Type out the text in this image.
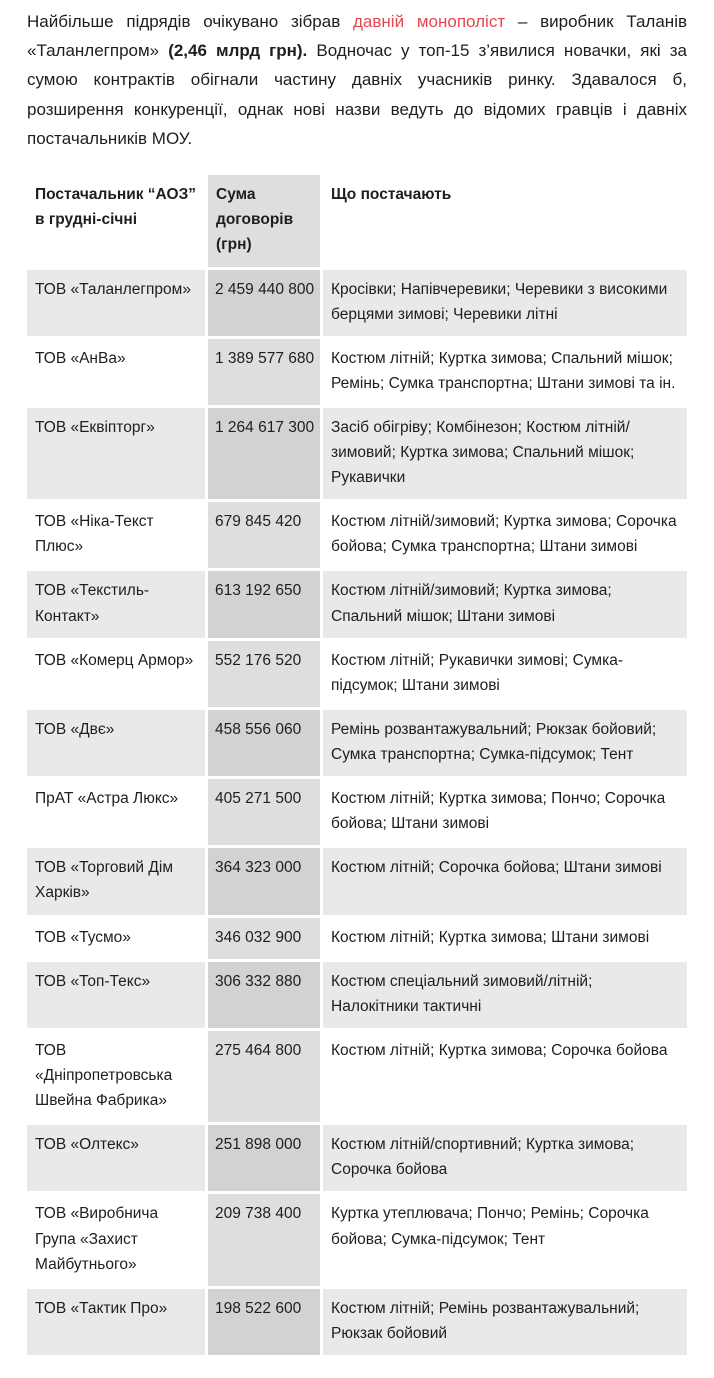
Найбільше підрядів очікувано зібрав давній монополіст – виробник Таланів «Таланлегпром» (2,46 млрд грн). Водночас у топ-15 з’явилися новачки, які за сумою контрактів обігнали частину давніх учасників ринку. Здавалося б, розширення конкуренції, однак нові назви ведуть до відомих гравців і давніх постачальників МОУ.

Постачальник “АОЗ” в грудні-січні	Сума договорів (грн)	Що постачають
ТОВ «Таланлегпром»	2 459 440 800	Кросівки; Напівчеревики; Черевики з високими берцями зимові; Черевики літні
ТОВ «АнВа»	1 389 577 680	Костюм літній; Куртка зимова; Спальний мішок; Ремінь; Сумка транспортна; Штани зимові та ін.
ТОВ «Еквіпторг»	1 264 617 300	Засіб обігріву; Комбінезон; Костюм літній/зимовий; Куртка зимова; Спальний мішок; Рукавички
ТОВ «Ніка-Текст Плюс»	679 845 420	Костюм літній/зимовий; Куртка зимова; Сорочка бойова; Сумка транспортна; Штани зимові
ТОВ «Текстиль-Контакт»	613 192 650	Костюм літній/зимовий; Куртка зимова; Спальний мішок; Штани зимові
ТОВ «Комерц Армор»	552 176 520	Костюм літній; Рукавички зимові; Сумка-підсумок; Штани зимові
ТОВ «Двє»	458 556 060	Ремінь розвантажувальний; Рюкзак бойовий; Сумка транспортна; Сумка-підсумок; Тент
ПрАТ «Астра Люкс»	405 271 500	Костюм літній; Куртка зимова; Пончо; Сорочка бойова; Штани зимові
ТОВ «Торговий Дім Харків»	364 323 000	Костюм літній; Сорочка бойова; Штани зимові
ТОВ «Тусмо»	346 032 900	Костюм літній; Куртка зимова; Штани зимові
ТОВ «Топ-Текс»	306 332 880	Костюм спеціальний зимовий/літній; Налокітники тактичні
ТОВ «Дніпропетровська Швейна Фабрика»	275 464 800	Костюм літній; Куртка зимова; Сорочка бойова
ТОВ «Олтекс»	251 898 000	Костюм літній/спортивний; Куртка зимова; Сорочка бойова
ТОВ «Виробнича Група «Захист Майбутнього»	209 738 400	Куртка утеплювача; Пончо; Ремінь; Сорочка бойова; Сумка-підсумок; Тент
ТОВ «Тактик Про»	198 522 600	Костюм літній; Ремінь розвантажувальний; Рюкзак бойовий
